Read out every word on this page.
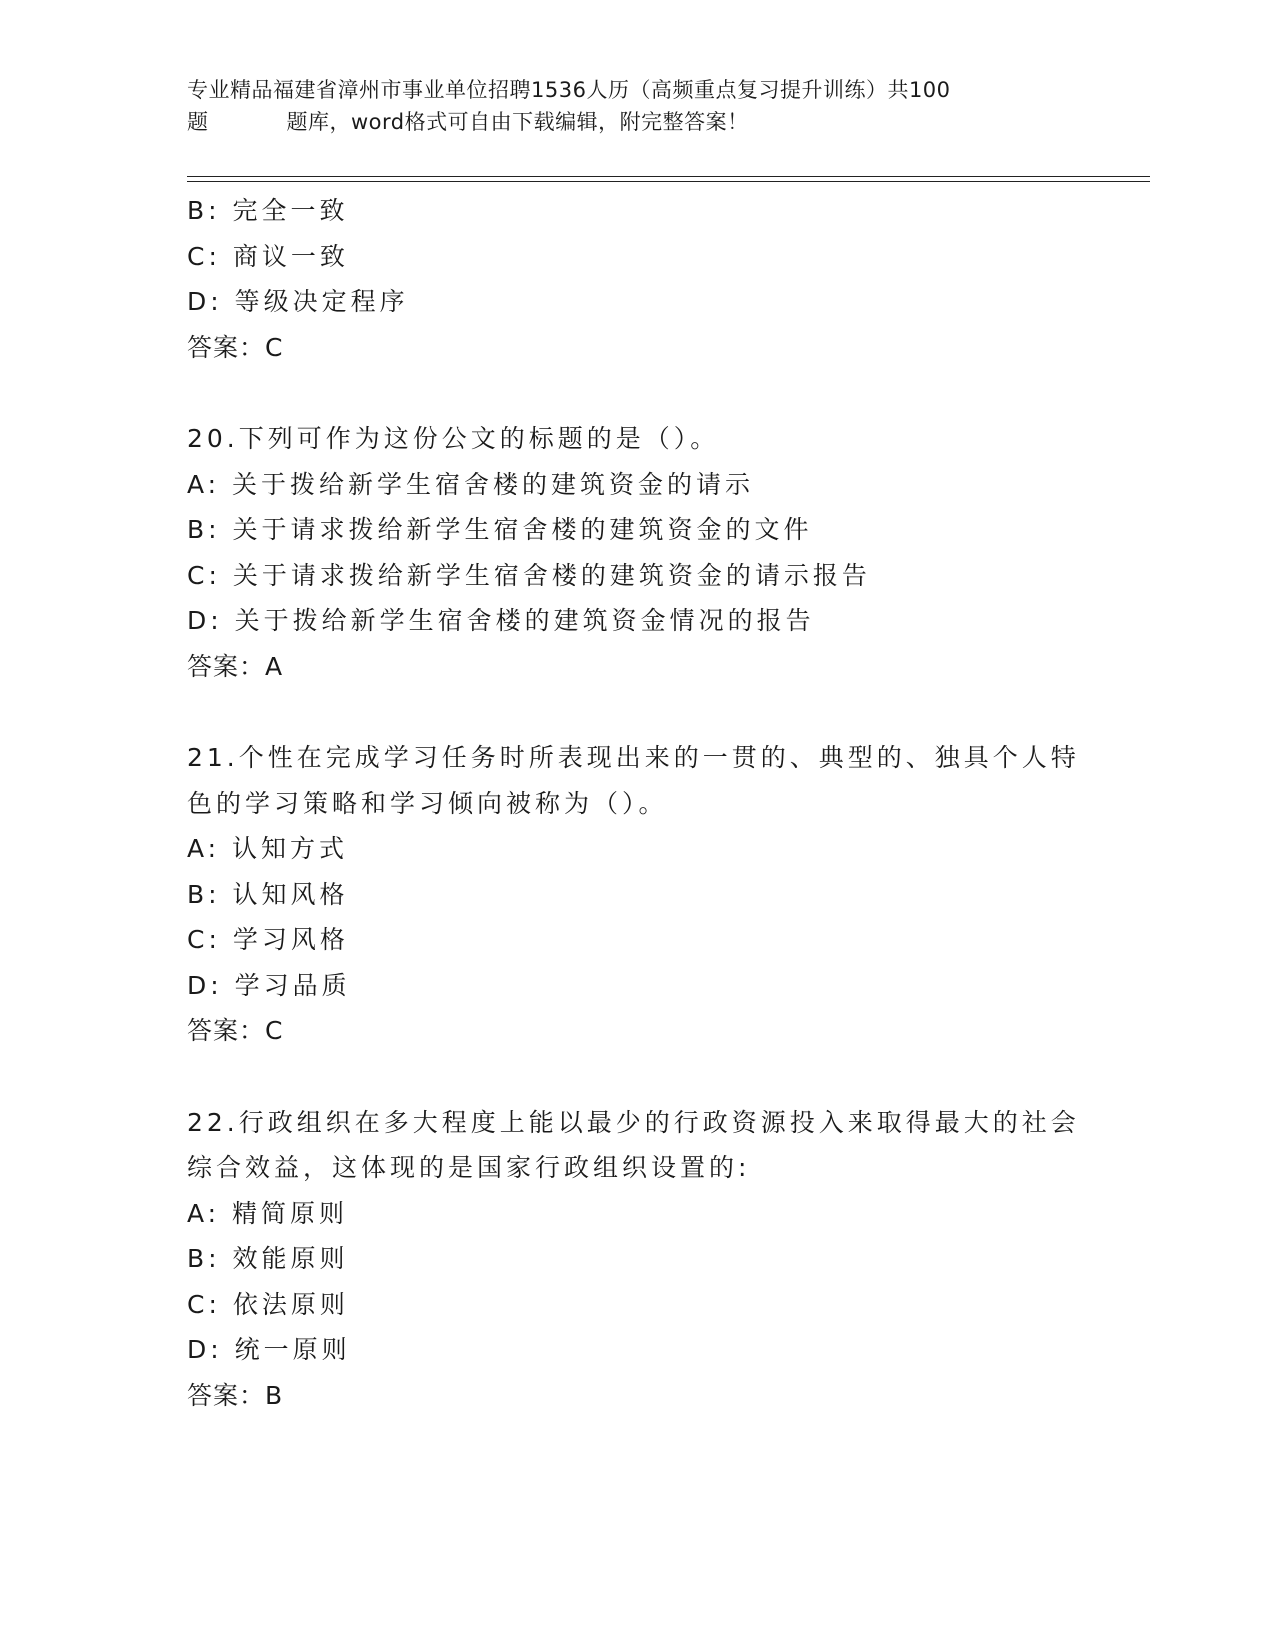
专业精品福建省漳州市事业单位招聘1536人历（高频重点复习提升训练）共100
题	题库，word格式可自由下载编辑，附完整答案！
B: 完全一致
C: 商议一致
D: 等级决定程序
答案：C
20.下列可作为这份公文的标题的是（）。
A: 关于拨给新学生宿舍楼的建筑资金的请示
B: 关于请求拨给新学生宿舍楼的建筑资金的文件
C: 关于请求拨给新学生宿舍楼的建筑资金的请示报告
D: 关于拨给新学生宿舍楼的建筑资金情况的报告
答案：A
21.个性在完成学习任务时所表现出来的一贯的、典型的、独具个人特
色的学习策略和学习倾向被称为（）。
A: 认知方式
B: 认知风格
C: 学习风格
D: 学习品质
答案：C
22.行政组织在多大程度上能以最少的行政资源投入来取得最大的社会
综合效益，这体现的是国家行政组织设置的:
A: 精简原则
B: 效能原则
C: 依法原则
D: 统一原则
答案：B
